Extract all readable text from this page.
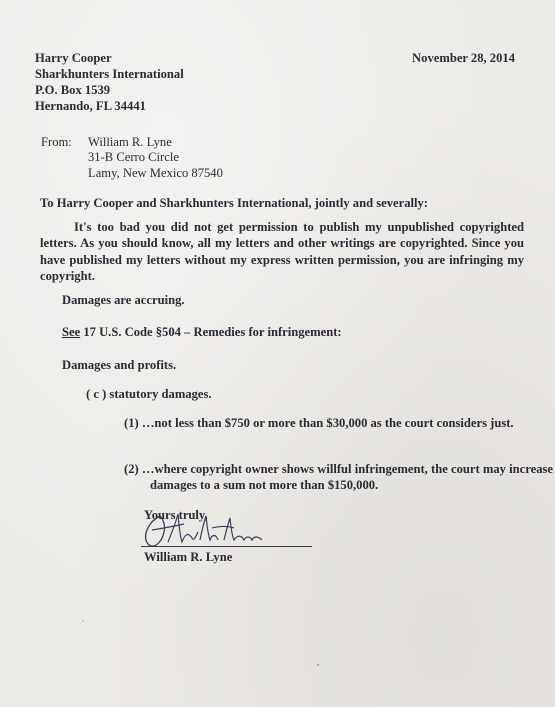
Harry Cooper
Sharkhunters International
P.O. Box 1539
Hernando, FL 34441
November 28, 2014
From: William R. Lyne
31-B Cerro Circle
Lamy, New Mexico 87540
To Harry Cooper and Sharkhunters International, jointly and severally:
It's too bad you did not get permission to publish my unpublished copyrighted letters. As you should know, all my letters and other writings are copyrighted. Since you have published my letters without my express written permission, you are infringing my copyright.
Damages are accruing.
See 17 U.S. Code §504 – Remedies for infringement:
Damages and profits.
( c ) statutory damages.
(1) …not less than $750 or more than $30,000 as the court considers just.
(2) …where copyright owner shows willful infringement, the court may increase damages to a sum not more than $150,000.
Yours truly,
William R. Lyne
